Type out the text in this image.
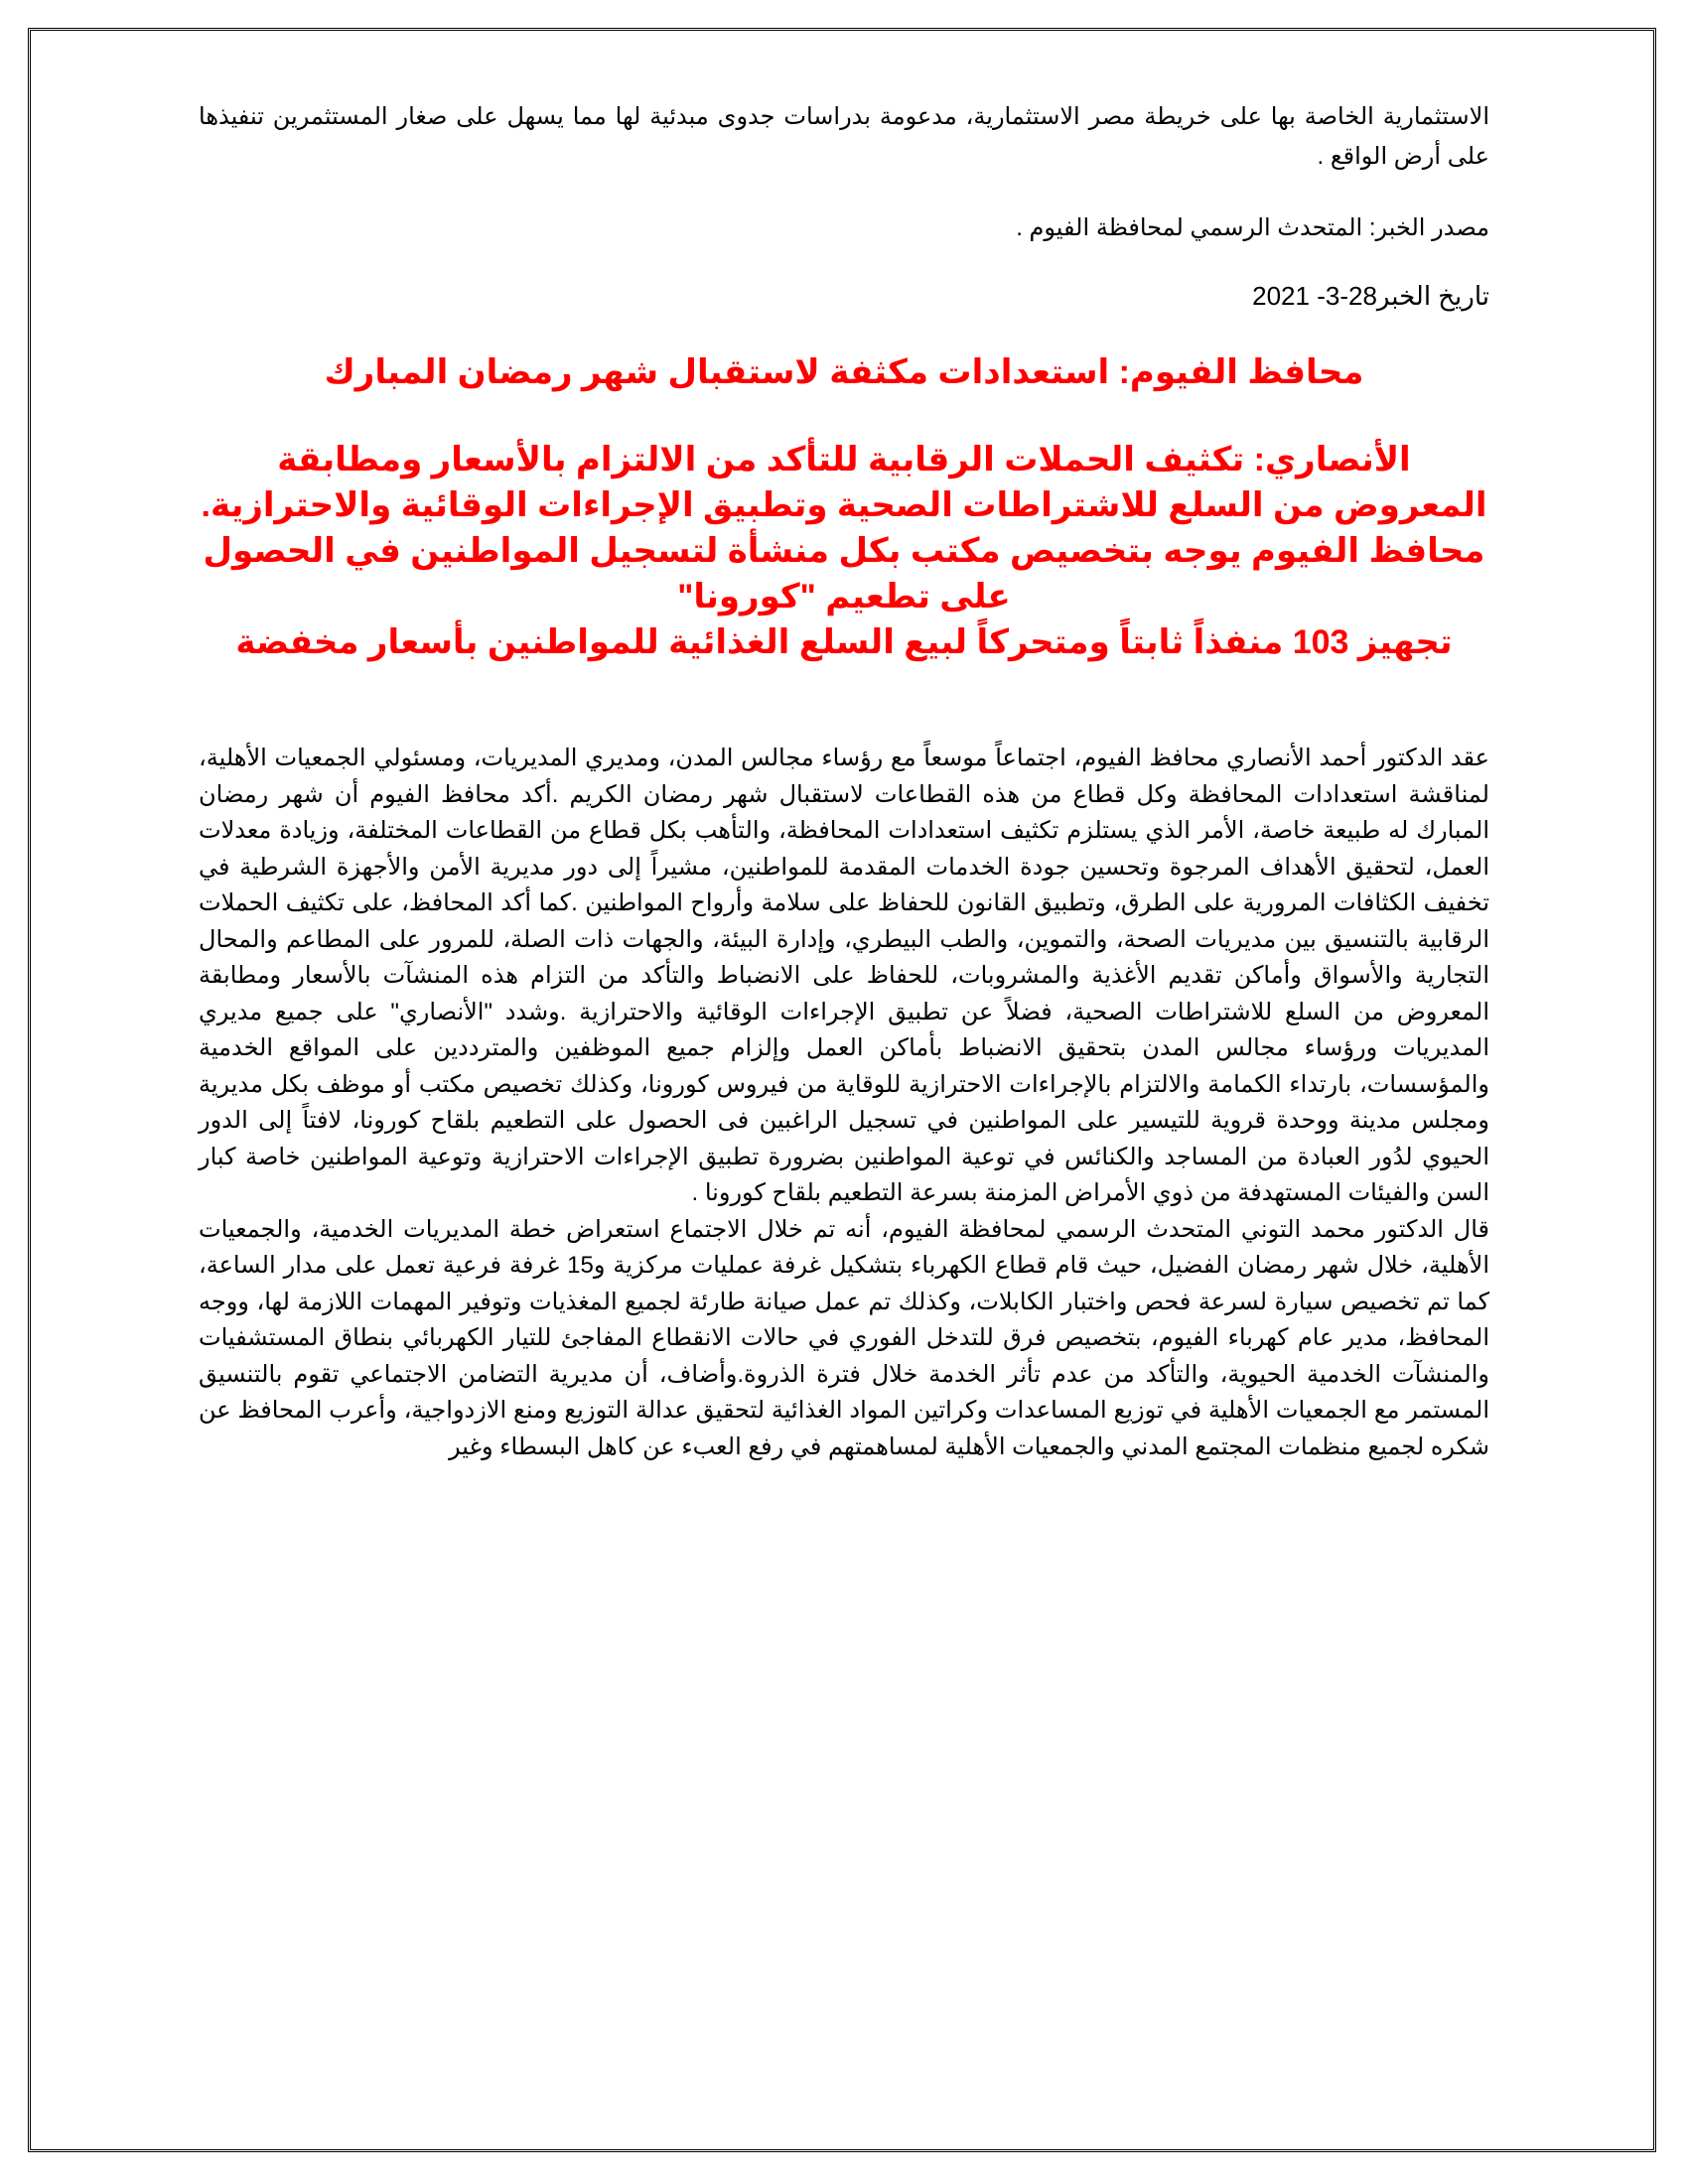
الاستثمارية الخاصة بها على خريطة مصر الاستثمارية، مدعومة بدراسات جدوى مبدئية لها مما يسهل على صغار المستثمرين تنفيذها على أرض الواقع .

مصدر الخبر: المتحدث الرسمي لمحافظة الفيوم .

تاريخ الخبر28-3- 2021

محافظ الفيوم: استعدادات مكثفة لاستقبال شهر رمضان المبارك
الأنصاري: تكثيف الحملات الرقابية للتأكد من الالتزام بالأسعار ومطابقة المعروض من السلع للاشتراطات الصحية وتطبيق الإجراءات الوقائية والاحترازية.
محافظ الفيوم يوجه بتخصيص مكتب بكل منشأة لتسجيل المواطنين في الحصول على تطعيم "كورونا"
تجهيز 103 منفذاً ثابتاً ومتحركاً لبيع السلع الغذائية للمواطنين بأسعار مخفضة

عقد الدكتور أحمد الأنصاري محافظ الفيوم، اجتماعاً موسعاً مع رؤساء مجالس المدن، ومديري المديريات، ومسئولي الجمعيات الأهلية، لمناقشة استعدادات المحافظة وكل قطاع من هذه القطاعات لاستقبال شهر رمضان الكريم .أكد محافظ الفيوم أن شهر رمضان المبارك له طبيعة خاصة، الأمر الذي يستلزم تكثيف استعدادات المحافظة، والتأهب بكل قطاع من القطاعات المختلفة، وزيادة معدلات العمل، لتحقيق الأهداف المرجوة وتحسين جودة الخدمات المقدمة للمواطنين، مشيراً إلى دور مديرية الأمن والأجهزة الشرطية في تخفيف الكثافات المرورية على الطرق، وتطبيق القانون للحفاظ على سلامة وأرواح المواطنين .كما أكد المحافظ، على تكثيف الحملات الرقابية بالتنسيق بين مديريات الصحة، والتموين، والطب البيطري، وإدارة البيئة، والجهات ذات الصلة، للمرور على المطاعم والمحال التجارية والأسواق وأماكن تقديم الأغذية والمشروبات، للحفاظ على الانضباط والتأكد من التزام هذه المنشآت بالأسعار ومطابقة المعروض من السلع للاشتراطات الصحية، فضلاً عن تطبيق الإجراءات الوقائية والاحترازية .وشدد "الأنصاري" على جميع مديري المديريات ورؤساء مجالس المدن بتحقيق الانضباط بأماكن العمل وإلزام جميع الموظفين والمترددين على المواقع الخدمية والمؤسسات، بارتداء الكمامة والالتزام بالإجراءات الاحترازية للوقاية من فيروس كورونا، وكذلك تخصيص مكتب أو موظف بكل مديرية ومجلس مدينة ووحدة قروية للتيسير على المواطنين في تسجيل الراغبين فى الحصول على التطعيم بلقاح كورونا، لافتاً إلى الدور الحيوي لدُور العبادة من المساجد والكنائس في توعية المواطنين بضرورة تطبيق الإجراءات الاحترازية وتوعية المواطنين خاصة كبار السن والفيئات المستهدفة من ذوي الأمراض المزمنة بسرعة التطعيم بلقاح كورونا .

قال الدكتور محمد التوني المتحدث الرسمي لمحافظة الفيوم، أنه تم خلال الاجتماع استعراض خطة المديريات الخدمية، والجمعيات الأهلية، خلال شهر رمضان الفضيل، حيث قام قطاع الكهرباء بتشكيل غرفة عمليات مركزية و15 غرفة فرعية تعمل على مدار الساعة، كما تم تخصيص سيارة لسرعة فحص واختبار الكابلات، وكذلك تم عمل صيانة طارئة لجميع المغذيات وتوفير المهمات اللازمة لها، ووجه المحافظ، مدير عام كهرباء الفيوم، بتخصيص فرق للتدخل الفوري في حالات الانقطاع المفاجئ للتيار الكهربائي بنطاق المستشفيات والمنشآت الخدمية الحيوية، والتأكد من عدم تأثر الخدمة خلال فترة الذروة.وأضاف، أن مديرية التضامن الاجتماعي تقوم بالتنسيق المستمر مع الجمعيات الأهلية في توزيع المساعدات وكراتين المواد الغذائية لتحقيق عدالة التوزيع ومنع الازدواجية، وأعرب المحافظ عن شكره لجميع منظمات المجتمع المدني والجمعيات الأهلية لمساهمتهم في رفع العبء عن كاهل البسطاء وغير
